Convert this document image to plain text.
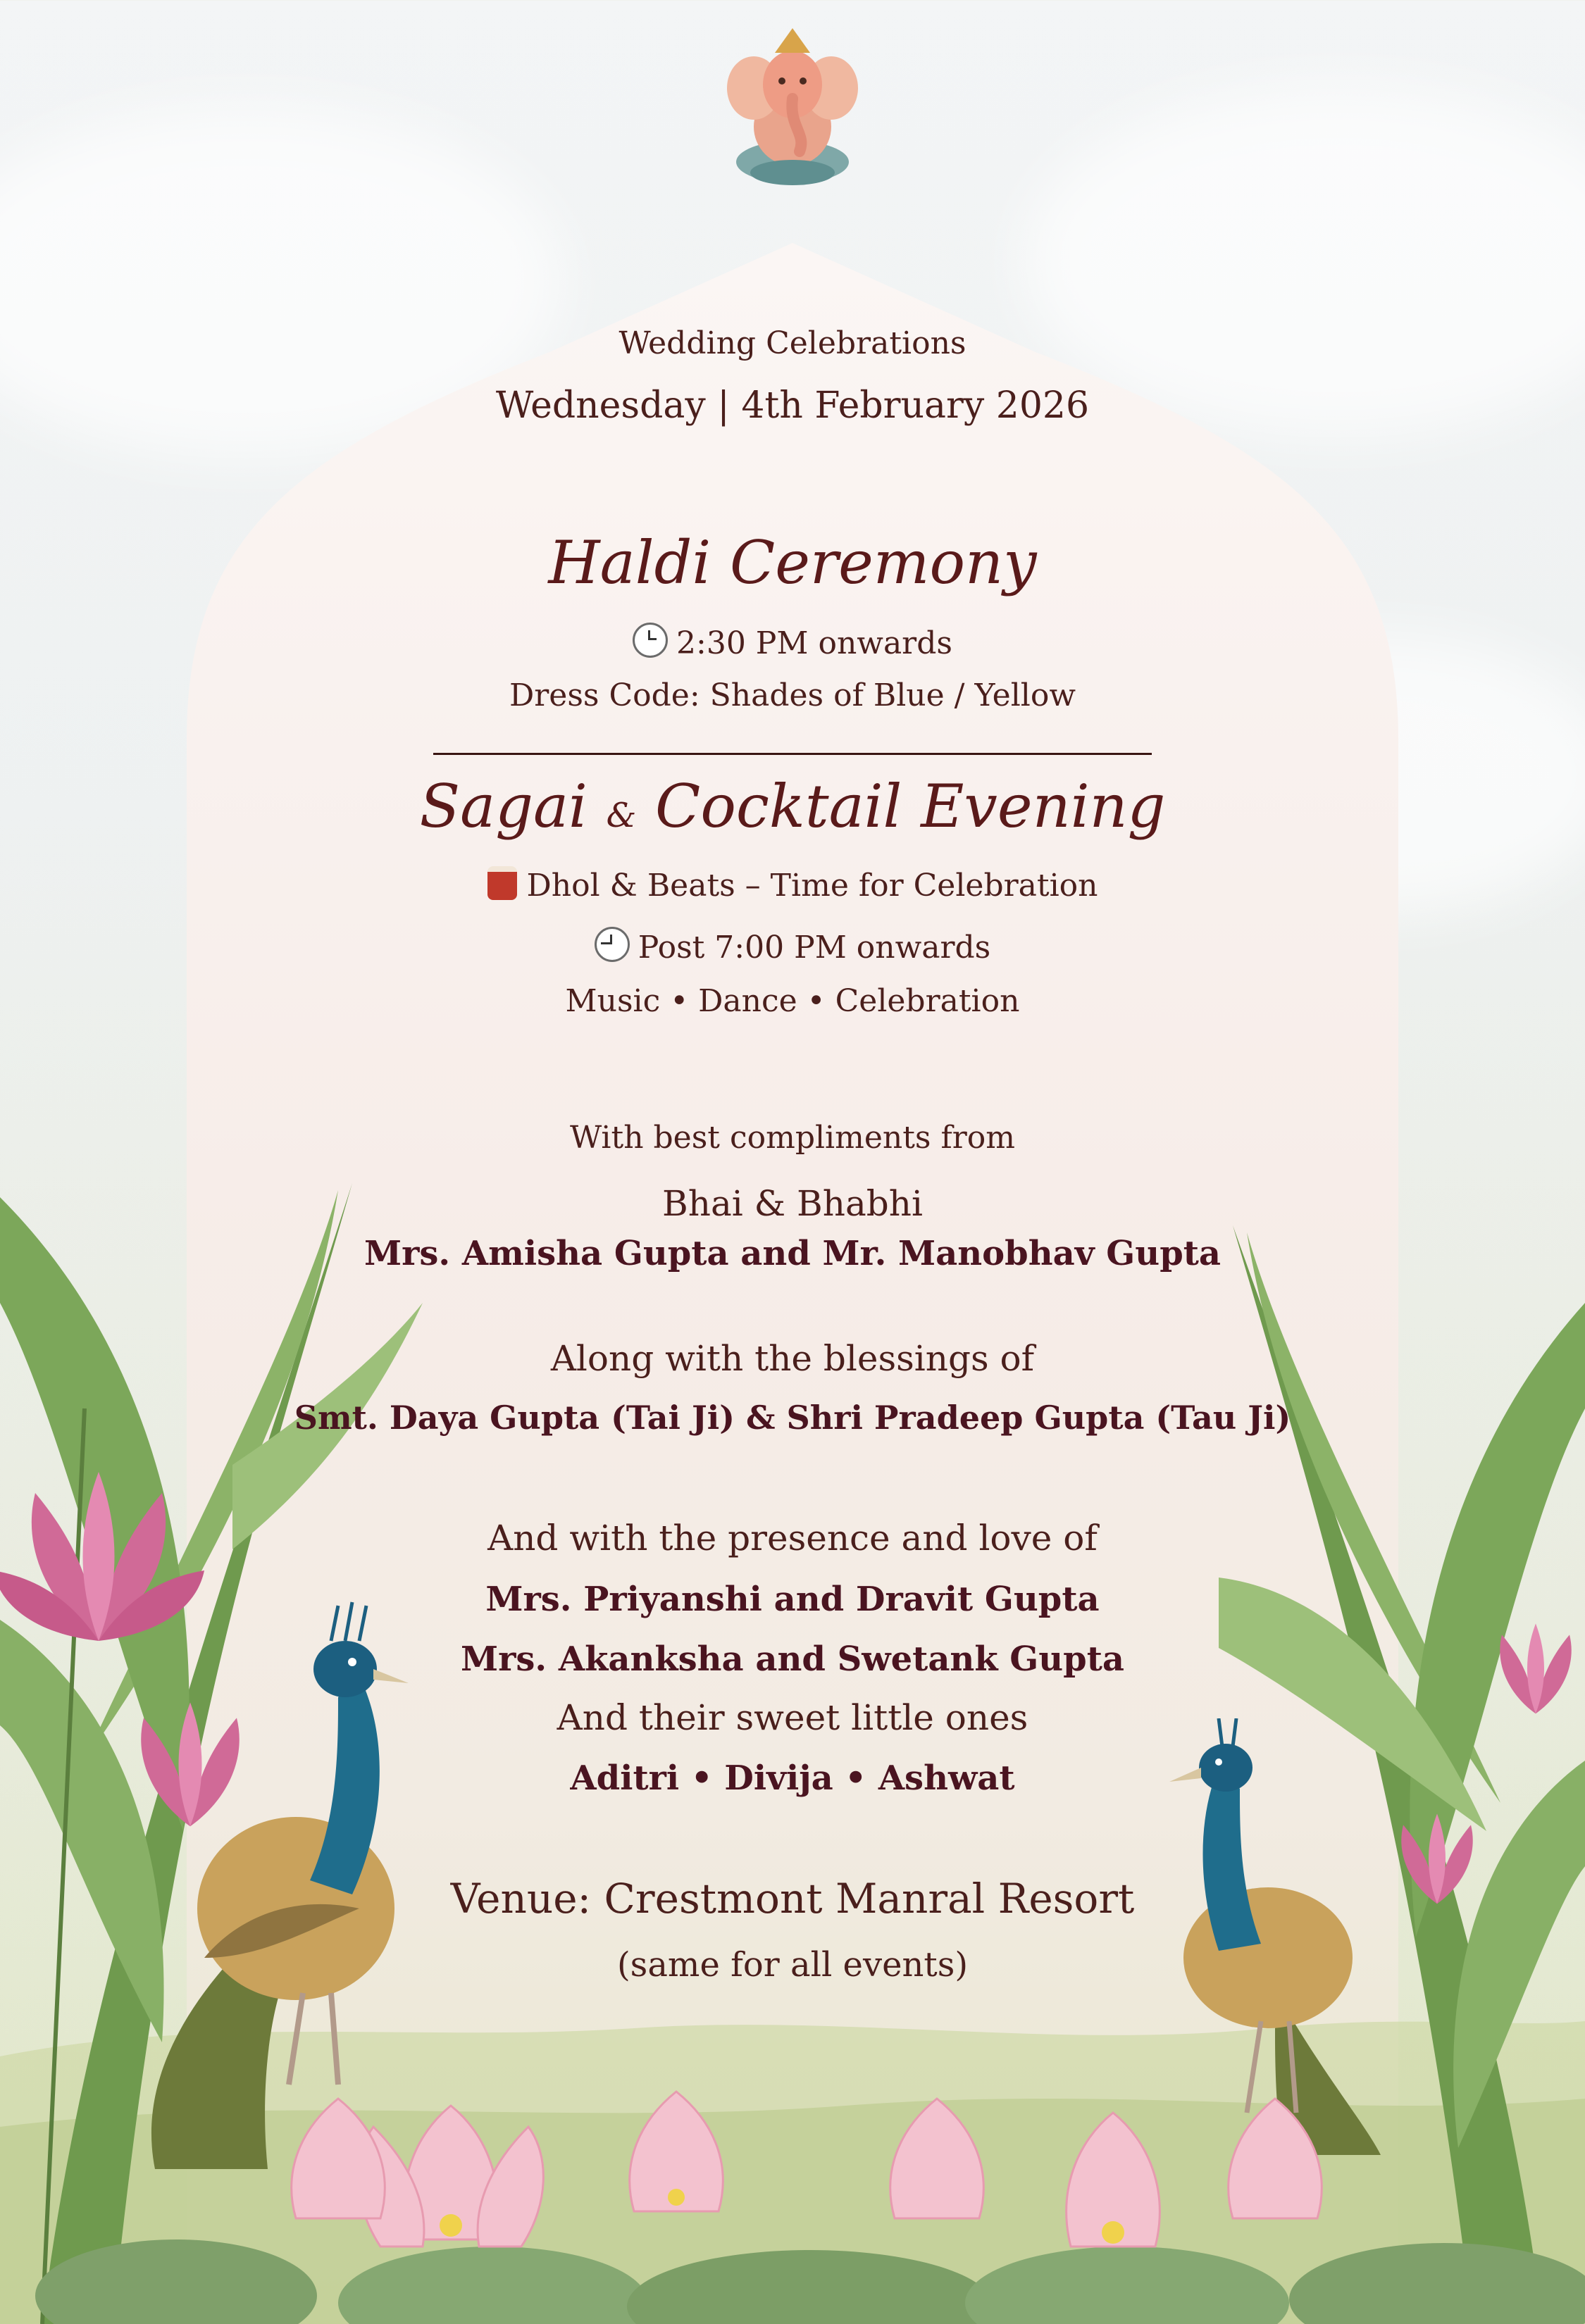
Wedding Celebrations
Wednesday | 4th February 2026
Haldi Ceremony
2:30 PM onwards
Dress Code: Shades of Blue / Yellow
Sagai & Cocktail Evening
Dhol & Beats – Time for Celebration
Post 7:00 PM onwards
Music • Dance • Celebration
With best compliments from
Bhai & Bhabhi
Mrs. Amisha Gupta and Mr. Manobhav Gupta
Along with the blessings of
Smt. Daya Gupta (Tai Ji) & Shri Pradeep Gupta (Tau Ji)
And with the presence and love of
Mrs. Priyanshi and Dravit Gupta
Mrs. Akanksha and Swetank Gupta
And their sweet little ones
Aditri • Divija • Ashwat
Venue: Crestmont Manral Resort
(same for all events)
